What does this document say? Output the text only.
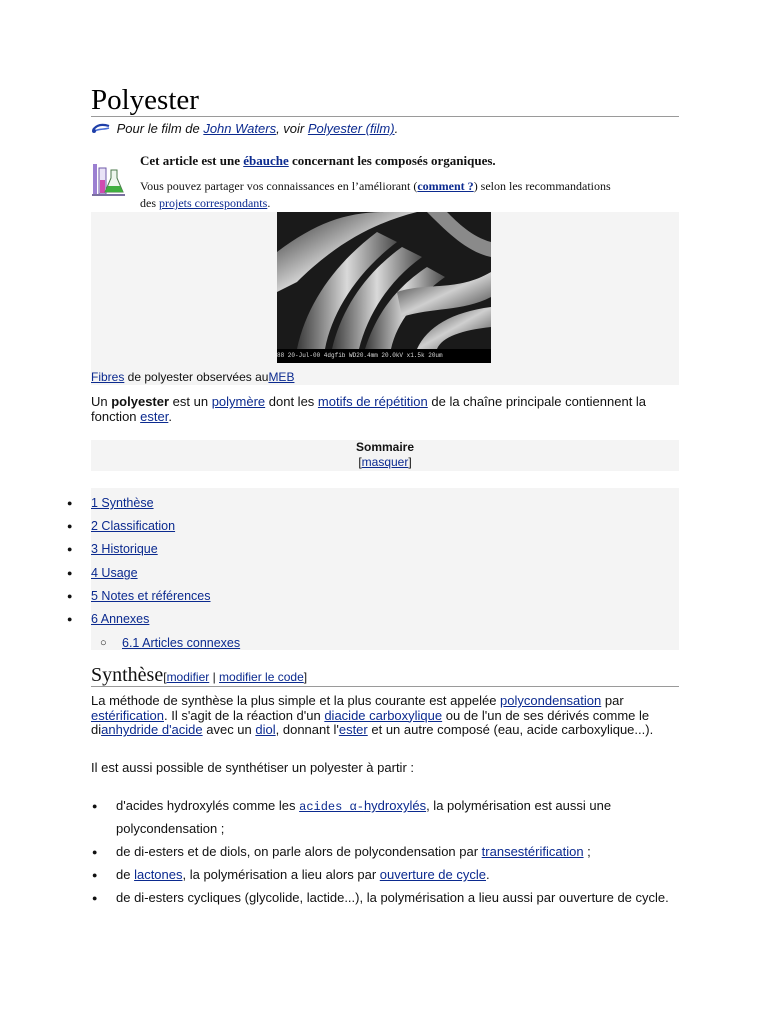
Polyester
Pour le film de John Waters, voir Polyester (film).
Cet article est une ébauche concernant les composés organiques.
Vous pouvez partager vos connaissances en l’améliorant (comment ?) selon les recommandations
des projets correspondants.
88 20-Jul-00 4dgfib WD20.4mm 20.0kV x1.5k 20um
Fibres de polyester observées auMEB
Un polyester est un polymère dont les motifs de répétition de la chaîne principale contiennent la fonction ester.
Sommaire
[masquer]
● 1 Synthèse
● 2 Classification
● 3 Historique
● 4 Usage
● 5 Notes et références
● 6 Annexes
○ 6.1 Articles connexes
Synthèse[modifier | modifier le code]
La méthode de synthèse la plus simple et la plus courante est appelée polycondensation par estérification. Il s'agit de la réaction d'un diacide carboxylique ou de l'un de ses dérivés comme le dianhydride d'acide avec un diol, donnant l'ester et un autre composé (eau, acide carboxylique...).
Il est aussi possible de synthétiser un polyester à partir :
● d'acides hydroxylés comme les acides α-hydroxylés, la polymérisation est aussi une polycondensation ;
● de di-esters et de diols, on parle alors de polycondensation par transestérification ;
● de lactones, la polymérisation a lieu alors par ouverture de cycle.
● de di-esters cycliques (glycolide, lactide...), la polymérisation a lieu aussi par ouverture de cycle.
